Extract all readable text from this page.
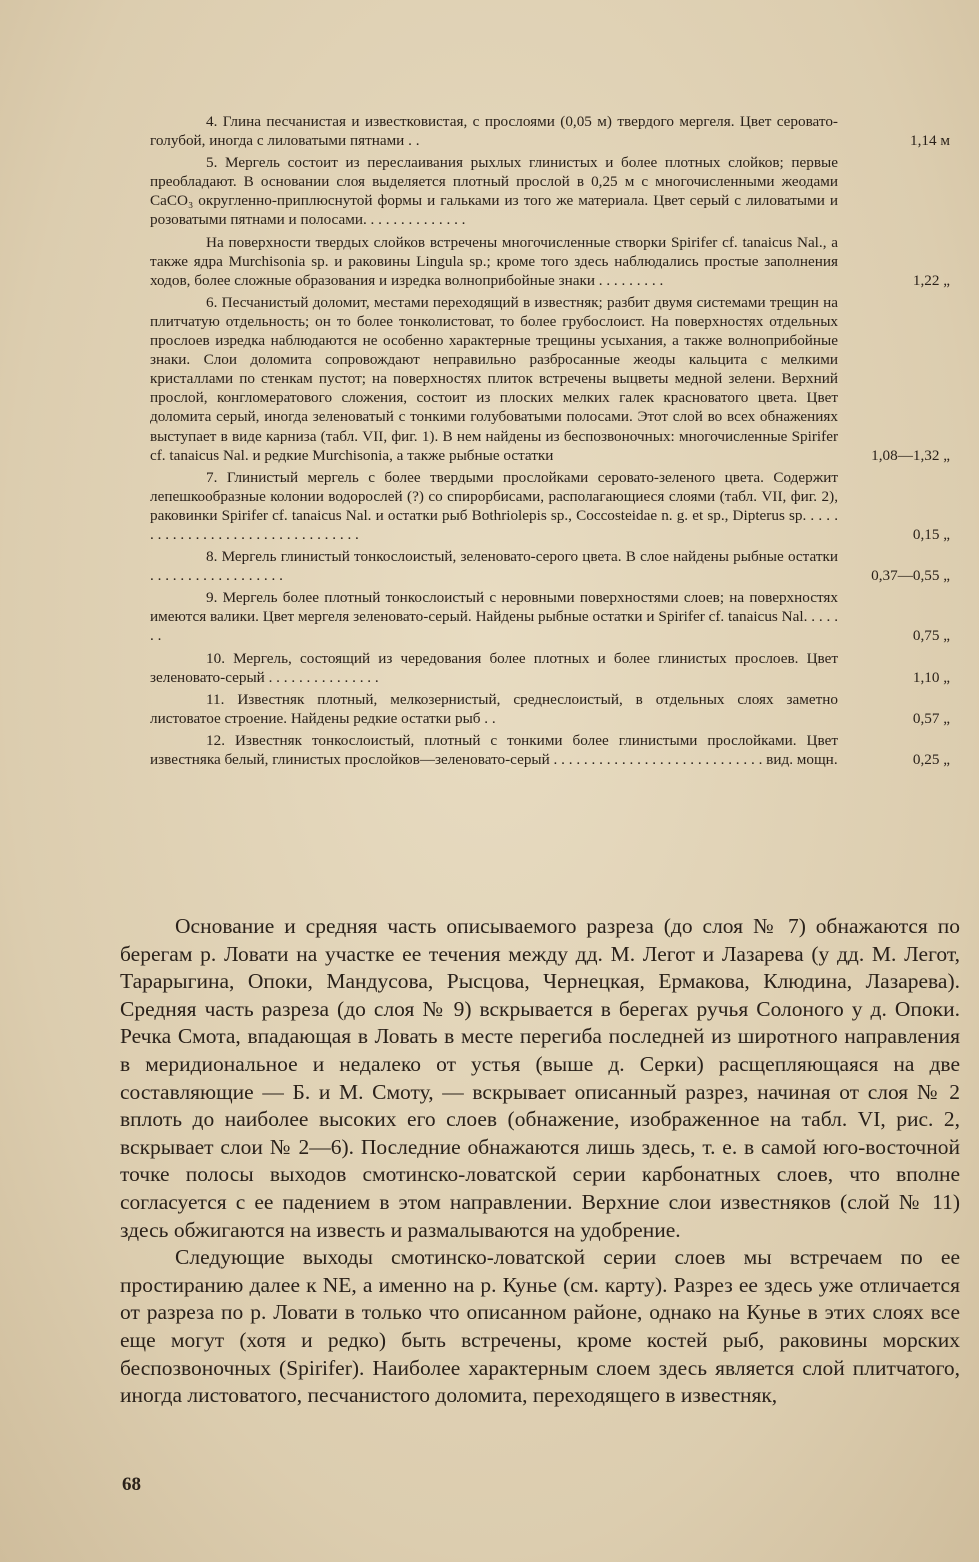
4. Глина песчанистая и известковистая, с прослоями (0,05 м) твердого мергеля. Цвет серовато-голубой, иногда с лиловатыми пятнами . .	1,14 м
5. Мергель состоит из переслаивания рыхлых глинистых и более плотных слойков; первые преобладают. В основании слоя выделяется плотный прослой в 0,25 м с многочисленными жеодами CaCO₃ округленно-приплюснутой формы и гальками из того же материала. Цвет серый с лиловатыми и розоватыми пятнами и полосами. . . . . . . . . . . . . .
На поверхности твердых слойков встречены многочисленные створки Spirifer cf. tanaicus Nal., а также ядра Murchisonia sp. и раковины Lingula sp.; кроме того здесь наблюдались простые заполнения ходов, более сложные образования и изредка волноприбойные знаки . . . . . . . . .	1,22 „
6. Песчанистый доломит, местами переходящий в известняк; разбит двумя системами трещин на плитчатую отдельность; он то более тонколистоват, то более грубослоист. На поверхностях отдельных прослоев изредка наблюдаются не особенно характерные трещины усыхания, а также волноприбойные знаки. Слои доломита сопровождают неправильно разбросанные жеоды кальцита с мелкими кристаллами по стенкам пустот; на поверхностях плиток встречены выцветы медной зелени. Верхний прослой, конгломератового сложения, состоит из плоских мелких галек красноватого цвета. Цвет доломита серый, иногда зеленоватый с тонкими голубоватыми полосами. Этот слой во всех обнажениях выступает в виде карниза (табл. VII, фиг. 1). В нем найдены из беспозвоночных: многочисленные Spirifer cf. tanaicus Nal. и редкие Murchisonia, а также рыбные остатки	1,08—1,32 „
7. Глинистый мергель с более твердыми прослойками серовато-зеленого цвета. Содержит лепешкообразные колонии водорослей (?) со спирорбисами, располагающиеся слоями (табл. VII, фиг. 2), раковинки Spirifer cf. tanaicus Nal. и остатки рыб Bothriolepis sp., Coccosteidae n. g. et sp., Dipterus sp. . . . . . . . . . . . . . . . . . . . . . . . . . . . . . . . .	0,15 „
8. Мергель глинистый тонкослоистый, зеленовато-серого цвета. В слое найдены рыбные остатки . . . . . . . . . . . . . . . . . .	0,37—0,55 „
9. Мергель более плотный тонкослоистый с неровными поверхностями слоев; на поверхностях имеются валики. Цвет мергеля зеленовато-серый. Найдены рыбные остатки и Spirifer cf. tanaicus Nal. . . . . . .	0,75 „
10. Мергель, состоящий из чередования более плотных и более глинистых прослоев. Цвет зеленовато-серый . . . . . . . . . . . . . . .	1,10 „
11. Известняк плотный, мелкозернистый, среднеслоистый, в отдельных слоях заметно листоватое строение. Найдены редкие остатки рыб . .	0,57 „
12. Известняк тонкослоистый, плотный с тонкими более глинистыми прослойками. Цвет известняка белый, глинистых прослойков—зеленовато-серый . . . . . . . . . . . . . . . . . . . . . . . . . . . . вид. мощн.	0,25 „

Основание и средняя часть описываемого разреза (до слоя № 7) обнажаются по берегам р. Ловати на участке ее течения между дд. М. Легот и Лазарева (у дд. М. Легот, Тарарыгина, Опоки, Мандусова, Рысцова, Чернецкая, Ермакова, Клюдина, Лазарева). Средняя часть разреза (до слоя № 9) вскрывается в берегах ручья Солоного у д. Опоки. Речка Смота, впадающая в Ловать в месте перегиба последней из широтного направления в меридиональное и недалеко от устья (выше д. Серки) расщепляющаяся на две составляющие — Б. и М. Смоту, — вскрывает описанный разрез, начиная от слоя № 2 вплоть до наиболее высоких его слоев (обнажение, изображенное на табл. VI, рис. 2, вскрывает слои № 2—6). Последние обнажаются лишь здесь, т. е. в самой юго-восточной точке полосы выходов смотинско-ловатской серии карбонатных слоев, что вполне согласуется с ее падением в этом направлении. Верхние слои известняков (слой № 11) здесь обжигаются на известь и размалываются на удобрение.

Следующие выходы смотинско-ловатской серии слоев мы встречаем по ее простиранию далее к NE, а именно на р. Кунье (см. карту). Разрез ее здесь уже отличается от разреза по р. Ловати в только что описанном районе, однако на Кунье в этих слоях все еще могут (хотя и редко) быть встречены, кроме костей рыб, раковины морских беспозвоночных (Spirifer). Наиболее характерным слоем здесь является слой плитчатого, иногда листоватого, песчанистого доломита, переходящего в известняк,

68
